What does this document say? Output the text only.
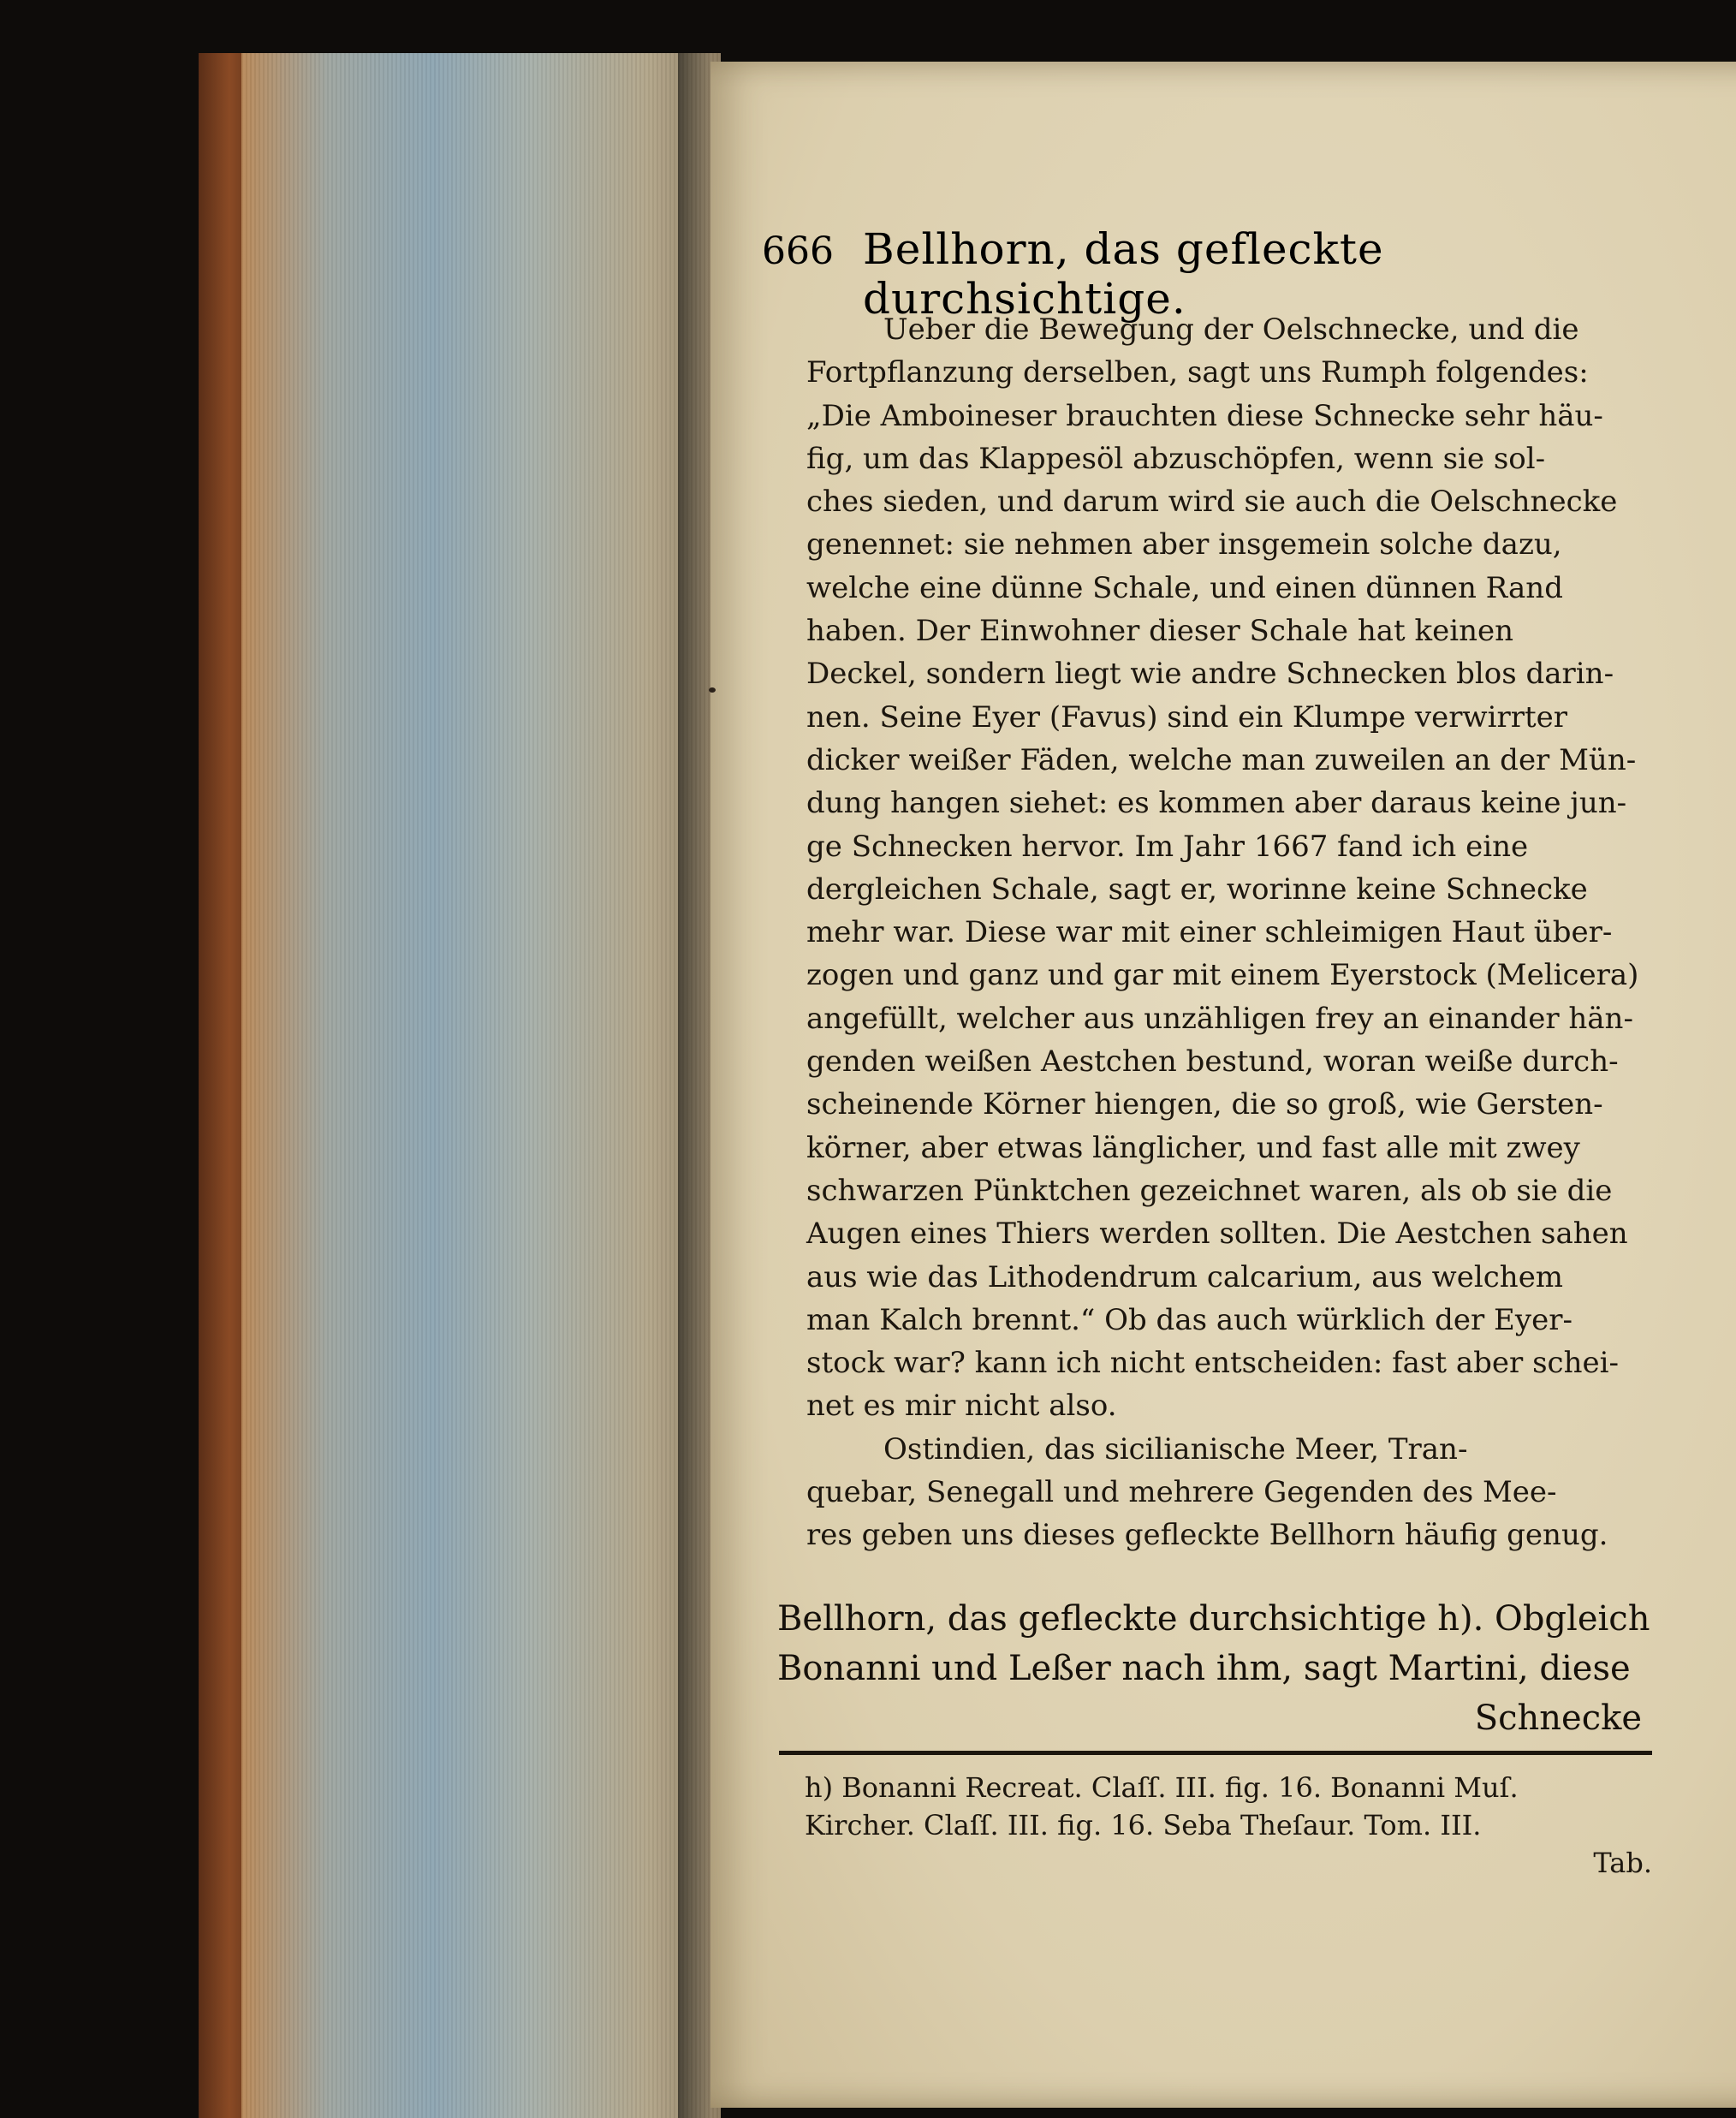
666 Bellhorn, das gefleckte durchsichtige.
Ueber die Bewegung der Oelschnecke, und die
Fortpflanzung derselben, sagt uns Rumph folgendes:
„Die Amboineser brauchten diese Schnecke sehr häu-
fig, um das Klappesöl abzuschöpfen, wenn sie sol-
ches sieden, und darum wird sie auch die Oelschnecke
genennet: sie nehmen aber insgemein solche dazu,
welche eine dünne Schale, und einen dünnen Rand
haben. Der Einwohner dieser Schale hat keinen
Deckel, sondern liegt wie andre Schnecken blos darin-
nen. Seine Eyer (Favus) sind ein Klumpe verwirrter
dicker weißer Fäden, welche man zuweilen an der Mün-
dung hangen siehet: es kommen aber daraus keine jun-
ge Schnecken hervor. Im Jahr 1667 fand ich eine
dergleichen Schale, sagt er, worinne keine Schnecke
mehr war. Diese war mit einer schleimigen Haut über-
zogen und ganz und gar mit einem Eyerstock (Melicera)
angefüllt, welcher aus unzähligen frey an einander hän-
genden weißen Aestchen bestund, woran weiße durch-
scheinende Körner hiengen, die so groß, wie Gersten-
körner, aber etwas länglicher, und fast alle mit zwey
schwarzen Pünktchen gezeichnet waren, als ob sie die
Augen eines Thiers werden sollten. Die Aestchen sahen
aus wie das Lithodendrum calcarium, aus welchem
man Kalch brennt.“ Ob das auch würklich der Eyer-
stock war? kann ich nicht entscheiden: fast aber schei-
net es mir nicht also.
Ostindien, das sicilianische Meer, Tran-
quebar, Senegall und mehrere Gegenden des Mee-
res geben uns dieses gefleckte Bellhorn häufig genug.
Bellhorn, das gefleckte durchsichtige h). Obgleich
Bonanni und Leßer nach ihm, sagt Martini, diese
Schnecke
h) Bonanni Recreat. Claſſ. III. fig. 16. Bonanni Muſ.
Kircher. Claſſ. III. fig. 16. Seba Theſaur. Tom. III.
Tab.
